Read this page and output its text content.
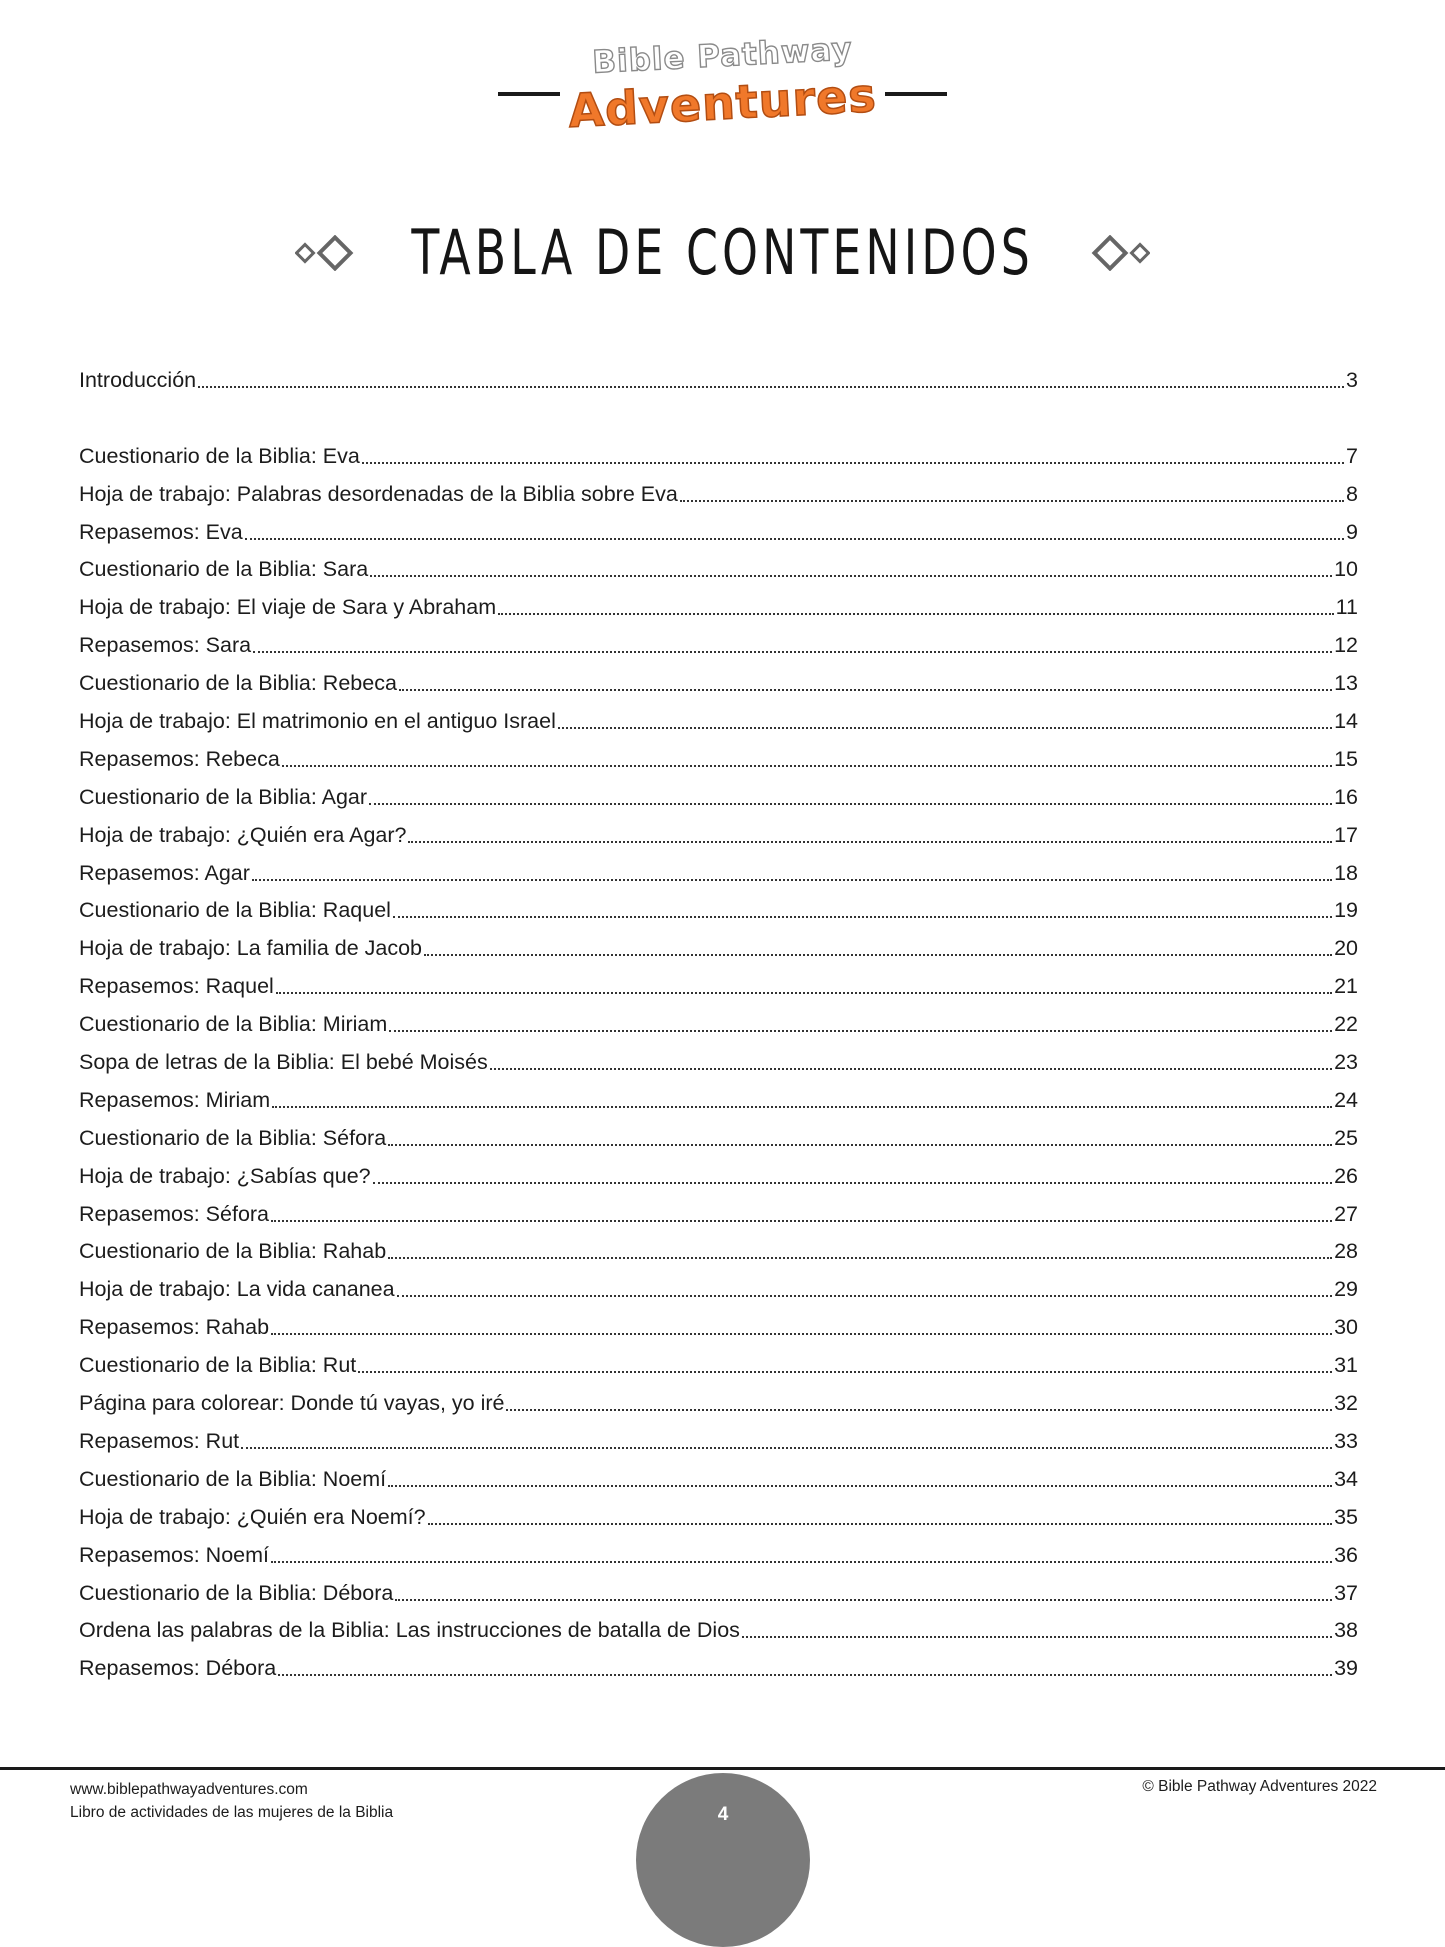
Bible Pathway
Adventures
TABLA DE CONTENIDOS
Introducción	3
Cuestionario de la Biblia: Eva	7
Hoja de trabajo: Palabras desordenadas de la Biblia sobre Eva	8
Repasemos: Eva	9
Cuestionario de la Biblia: Sara	10
Hoja de trabajo: El viaje de Sara y Abraham	11
Repasemos: Sara	12
Cuestionario de la Biblia: Rebeca	13
Hoja de trabajo: El matrimonio en el antiguo Israel	14
Repasemos: Rebeca	15
Cuestionario de la Biblia: Agar	16
Hoja de trabajo: ¿Quién era Agar?	17
Repasemos: Agar	18
Cuestionario de la Biblia: Raquel	19
Hoja de trabajo: La familia de Jacob	20
Repasemos: Raquel	21
Cuestionario de la Biblia: Miriam	22
Sopa de letras de la Biblia: El bebé Moisés	23
Repasemos: Miriam	24
Cuestionario de la Biblia: Séfora	25
Hoja de trabajo: ¿Sabías que?	26
Repasemos: Séfora	27
Cuestionario de la Biblia: Rahab	28
Hoja de trabajo: La vida cananea	29
Repasemos: Rahab	30
Cuestionario de la Biblia: Rut	31
Página para colorear: Donde tú vayas, yo iré	32
Repasemos: Rut	33
Cuestionario de la Biblia: Noemí	34
Hoja de trabajo: ¿Quién era Noemí?	35
Repasemos: Noemí	36
Cuestionario de la Biblia: Débora	37
Ordena las palabras de la Biblia: Las instrucciones de batalla de Dios	38
Repasemos: Débora	39
www.biblepathwayadventures.com
Libro de actividades de las mujeres de la Biblia	4
© Bible Pathway Adventures 2022
